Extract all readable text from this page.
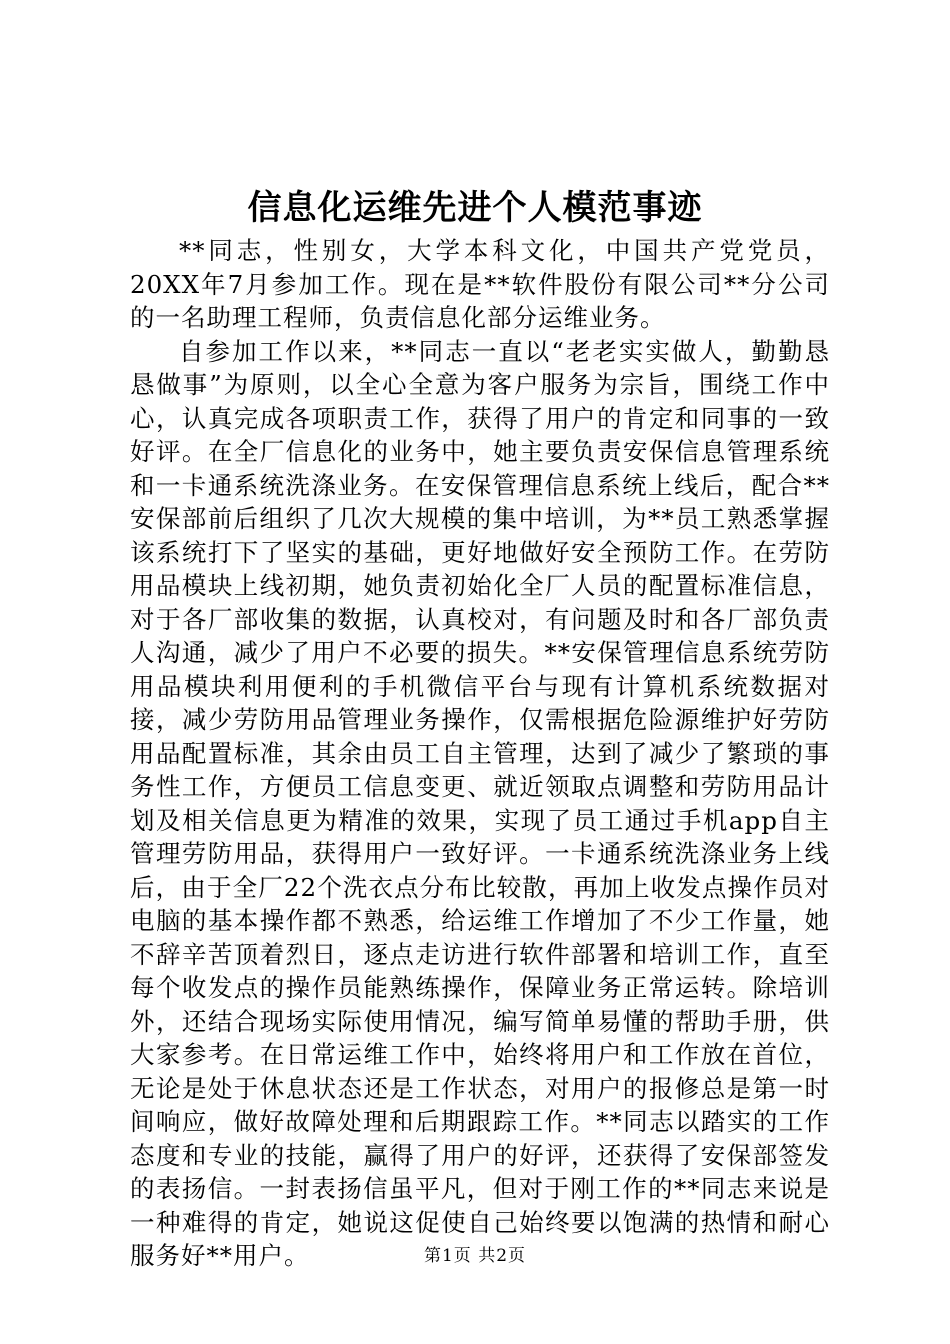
信息化运维先进个人模范事迹

**同志，性别女，大学本科文化，中国共产党党员，20XX年7月参加工作。现在是**软件股份有限公司**分公司的一名助理工程师，负责信息化部分运维业务。

自参加工作以来，**同志一直以“老老实实做人，勤勤恳恳做事”为原则，以全心全意为客户服务为宗旨，围绕工作中心，认真完成各项职责工作，获得了用户的肯定和同事的一致好评。在全厂信息化的业务中，她主要负责安保信息管理系统和一卡通系统洗涤业务。在安保管理信息系统上线后，配合**安保部前后组织了几次大规模的集中培训，为**员工熟悉掌握该系统打下了坚实的基础，更好地做好安全预防工作。在劳防用品模块上线初期，她负责初始化全厂人员的配置标准信息，对于各厂部收集的数据，认真校对，有问题及时和各厂部负责人沟通，减少了用户不必要的损失。**安保管理信息系统劳防用品模块利用便利的手机微信平台与现有计算机系统数据对接，减少劳防用品管理业务操作，仅需根据危险源维护好劳防用品配置标准，其余由员工自主管理，达到了减少了繁琐的事务性工作，方便员工信息变更、就近领取点调整和劳防用品计划及相关信息更为精准的效果，实现了员工通过手机app自主管理劳防用品，获得用户一致好评。一卡通系统洗涤业务上线后，由于全厂22个洗衣点分布比较散，再加上收发点操作员对电脑的基本操作都不熟悉，给运维工作增加了不少工作量，她不辞辛苦顶着烈日，逐点走访进行软件部署和培训工作，直至每个收发点的操作员能熟练操作，保障业务正常运转。除培训外，还结合现场实际使用情况，编写简单易懂的帮助手册，供大家参考。在日常运维工作中，始终将用户和工作放在首位，无论是处于休息状态还是工作状态，对用户的报修总是第一时间响应，做好故障处理和后期跟踪工作。**同志以踏实的工作态度和专业的技能，赢得了用户的好评，还获得了安保部签发的表扬信。一封表扬信虽平凡，但对于刚工作的**同志来说是一种难得的肯定，她说这促使自己始终要以饱满的热情和耐心服务好**用户。	第1页 共2页
